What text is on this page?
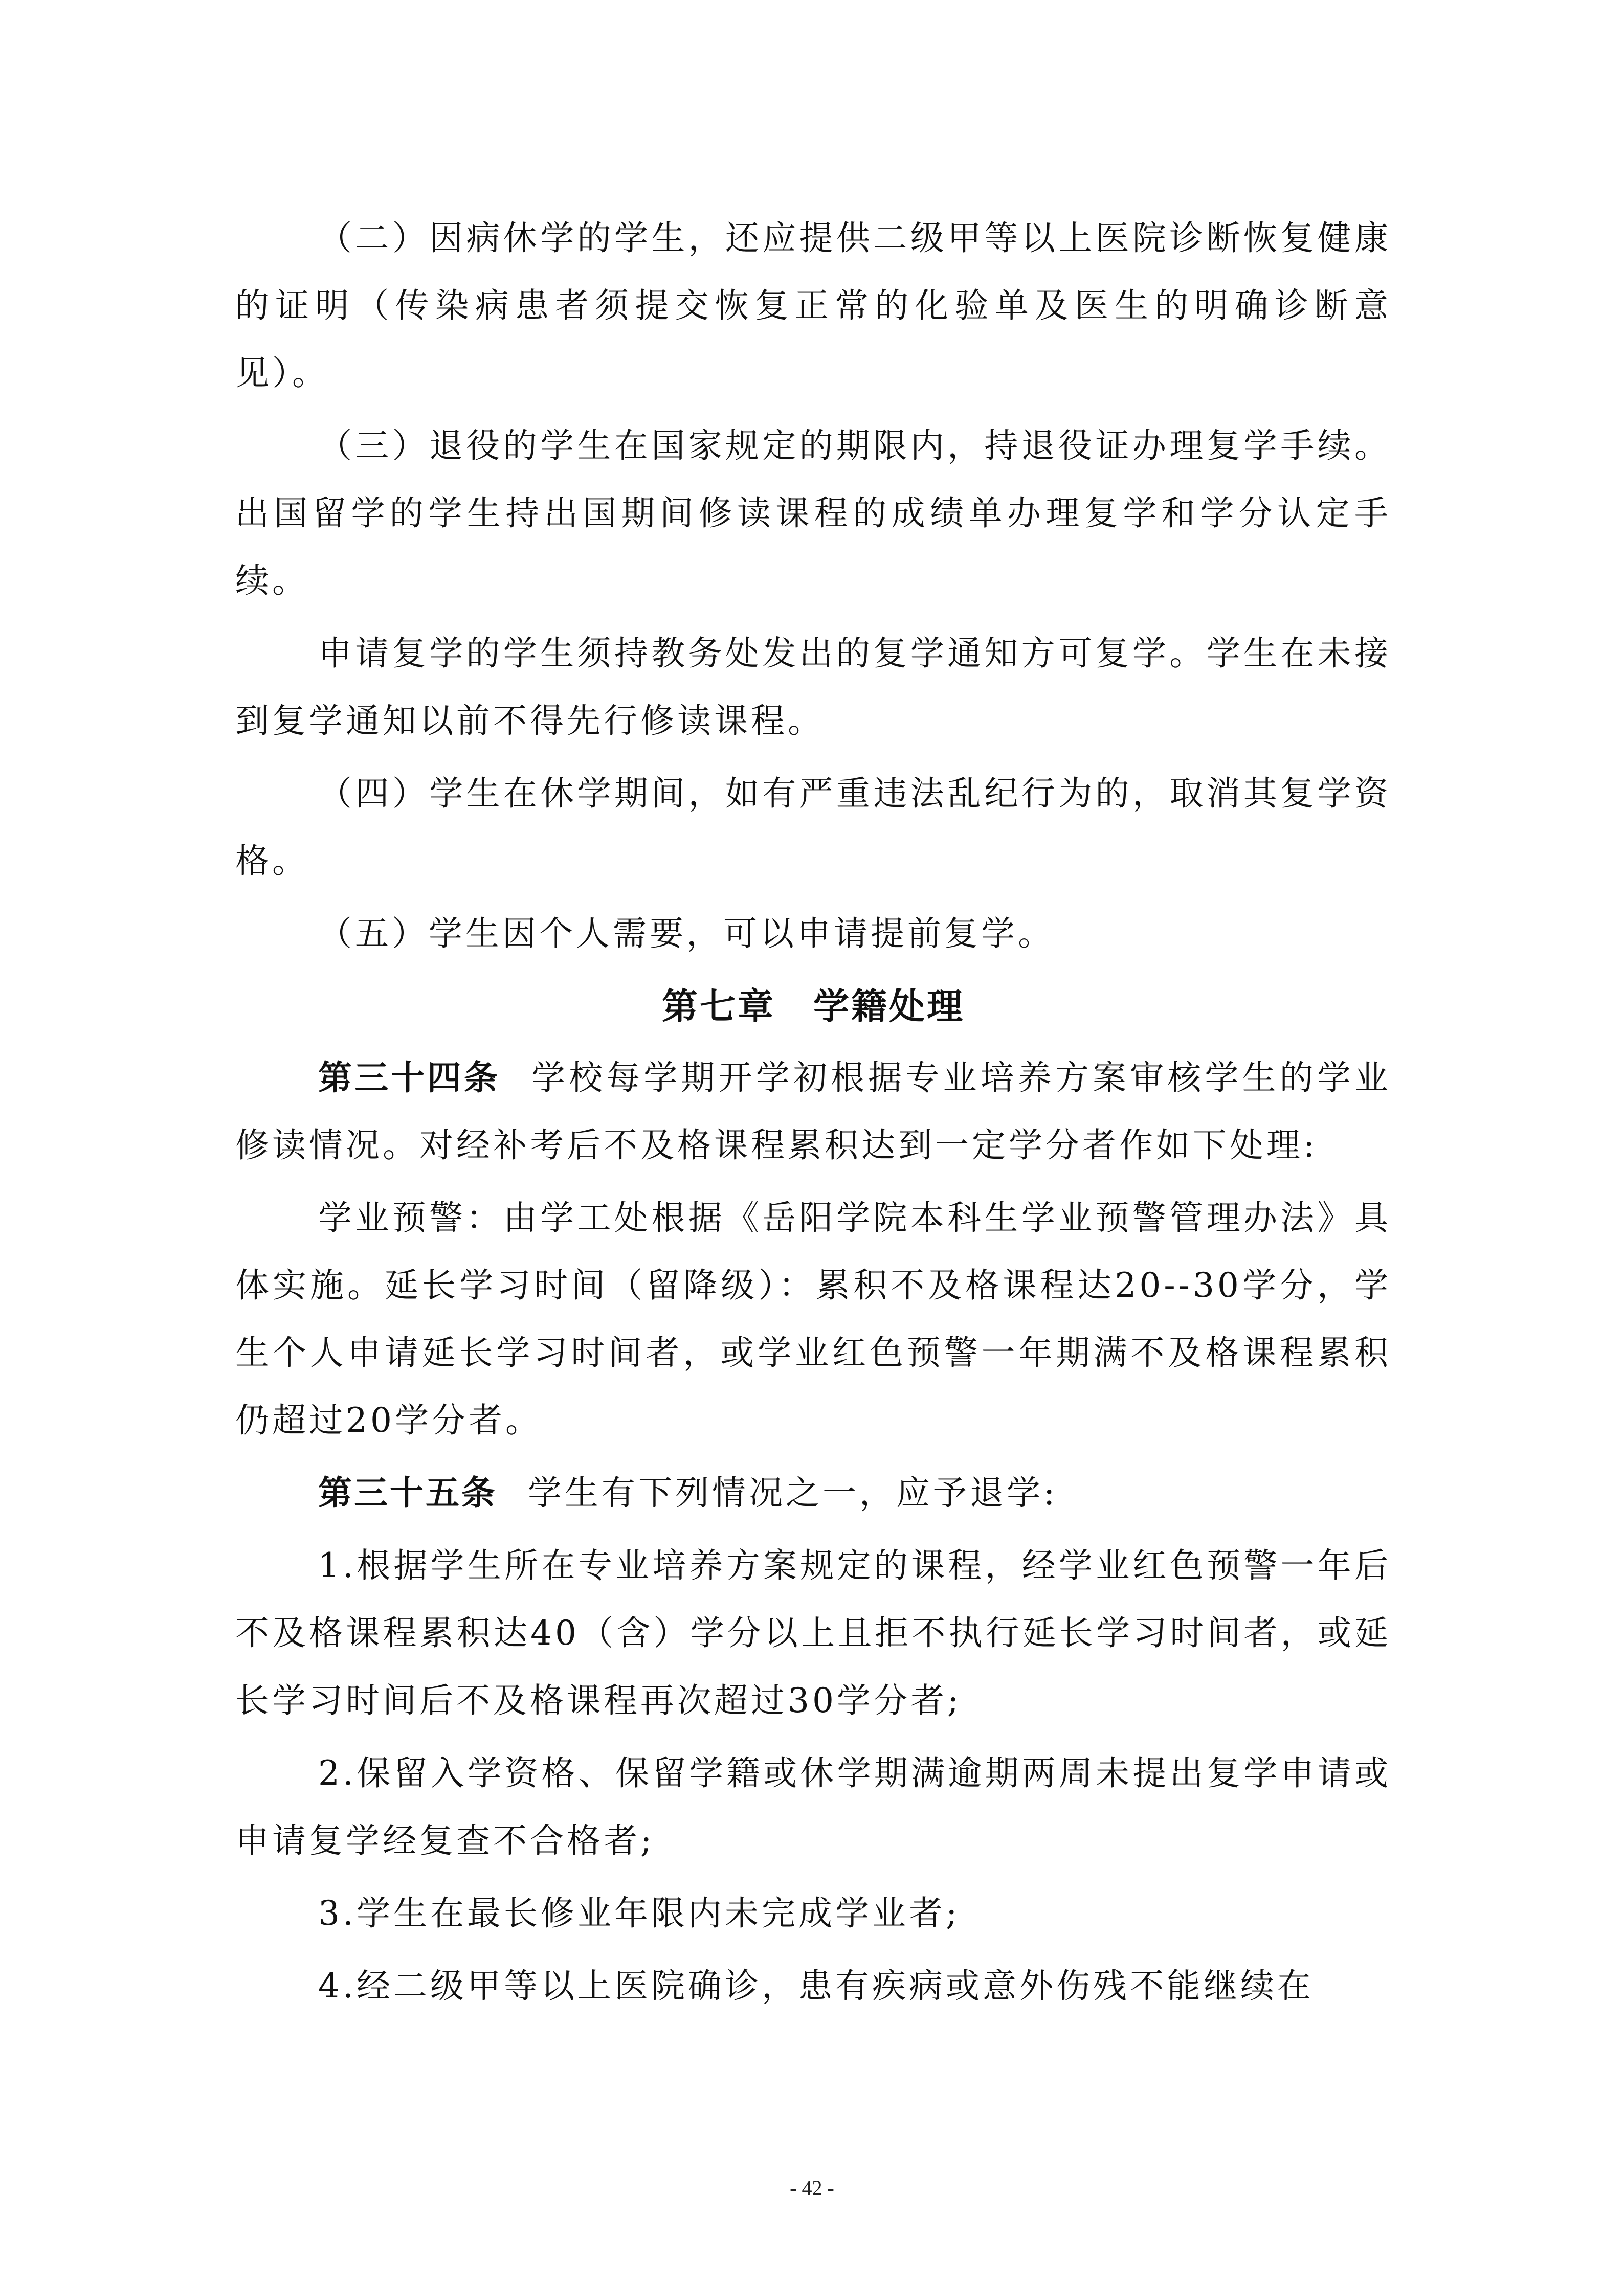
（二）因病休学的学生，还应提供二级甲等以上医院诊断恢复健康的证明（传染病患者须提交恢复正常的化验单及医生的明确诊断意见）。

（三）退役的学生在国家规定的期限内，持退役证办理复学手续。出国留学的学生持出国期间修读课程的成绩单办理复学和学分认定手续。

申请复学的学生须持教务处发出的复学通知方可复学。学生在未接到复学通知以前不得先行修读课程。

（四）学生在休学期间，如有严重违法乱纪行为的，取消其复学资格。

（五）学生因个人需要，可以申请提前复学。

第七章　学籍处理

第三十四条 学校每学期开学初根据专业培养方案审核学生的学业修读情况。对经补考后不及格课程累积达到一定学分者作如下处理:

学业预警：由学工处根据《岳阳学院本科生学业预警管理办法》具体实施。延长学习时间（留降级）：累积不及格课程达20--30学分，学生个人申请延长学习时间者，或学业红色预警一年期满不及格课程累积仍超过20学分者。

第三十五条 学生有下列情况之一，应予退学:

1.根据学生所在专业培养方案规定的课程，经学业红色预警一年后不及格课程累积达40（含）学分以上且拒不执行延长学习时间者，或延长学习时间后不及格课程再次超过30学分者;

2.保留入学资格、保留学籍或休学期满逾期两周未提出复学申请或申请复学经复查不合格者;

3.学生在最长修业年限内未完成学业者;

4.经二级甲等以上医院确诊，患有疾病或意外伤残不能继续在

- 42 -
